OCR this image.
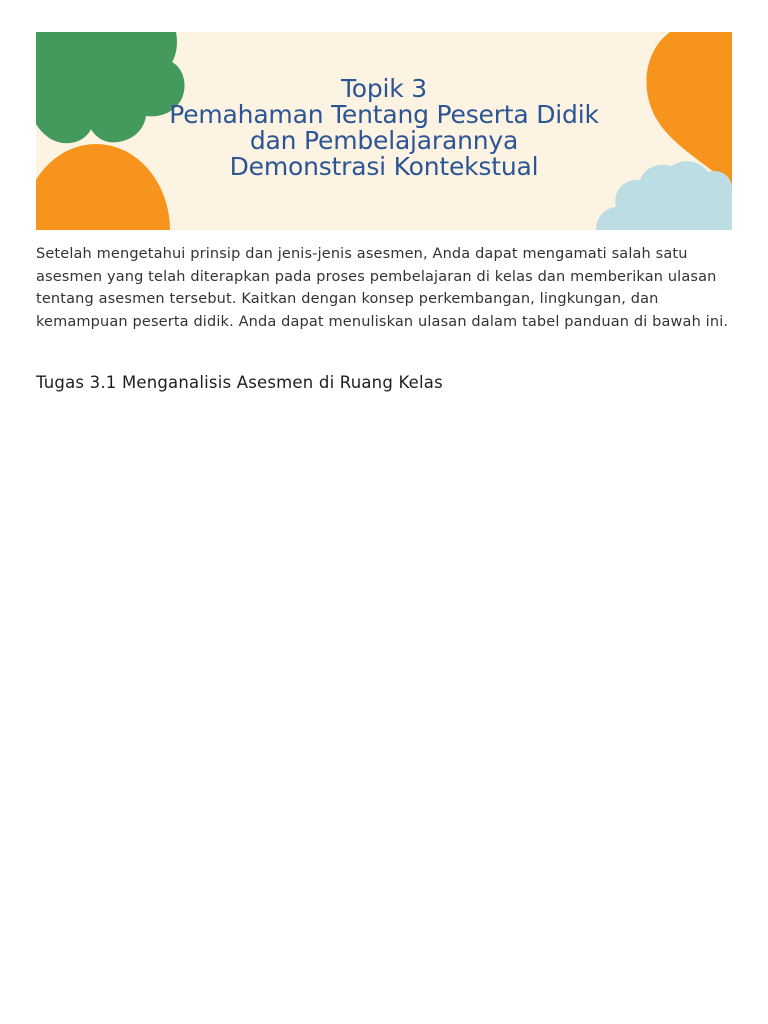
Topik 3
Pemahaman Tentang Peserta Didik
dan Pembelajarannya
Demonstrasi Kontekstual

Setelah mengetahui prinsip dan jenis-jenis asesmen, Anda dapat mengamati salah satu asesmen yang telah diterapkan pada proses pembelajaran di kelas dan memberikan ulasan tentang asesmen tersebut. Kaitkan dengan konsep perkembangan, lingkungan, dan kemampuan peserta didik. Anda dapat menuliskan ulasan dalam tabel panduan di bawah ini.

Tugas 3.1 Menganalisis Asesmen di Ruang Kelas
